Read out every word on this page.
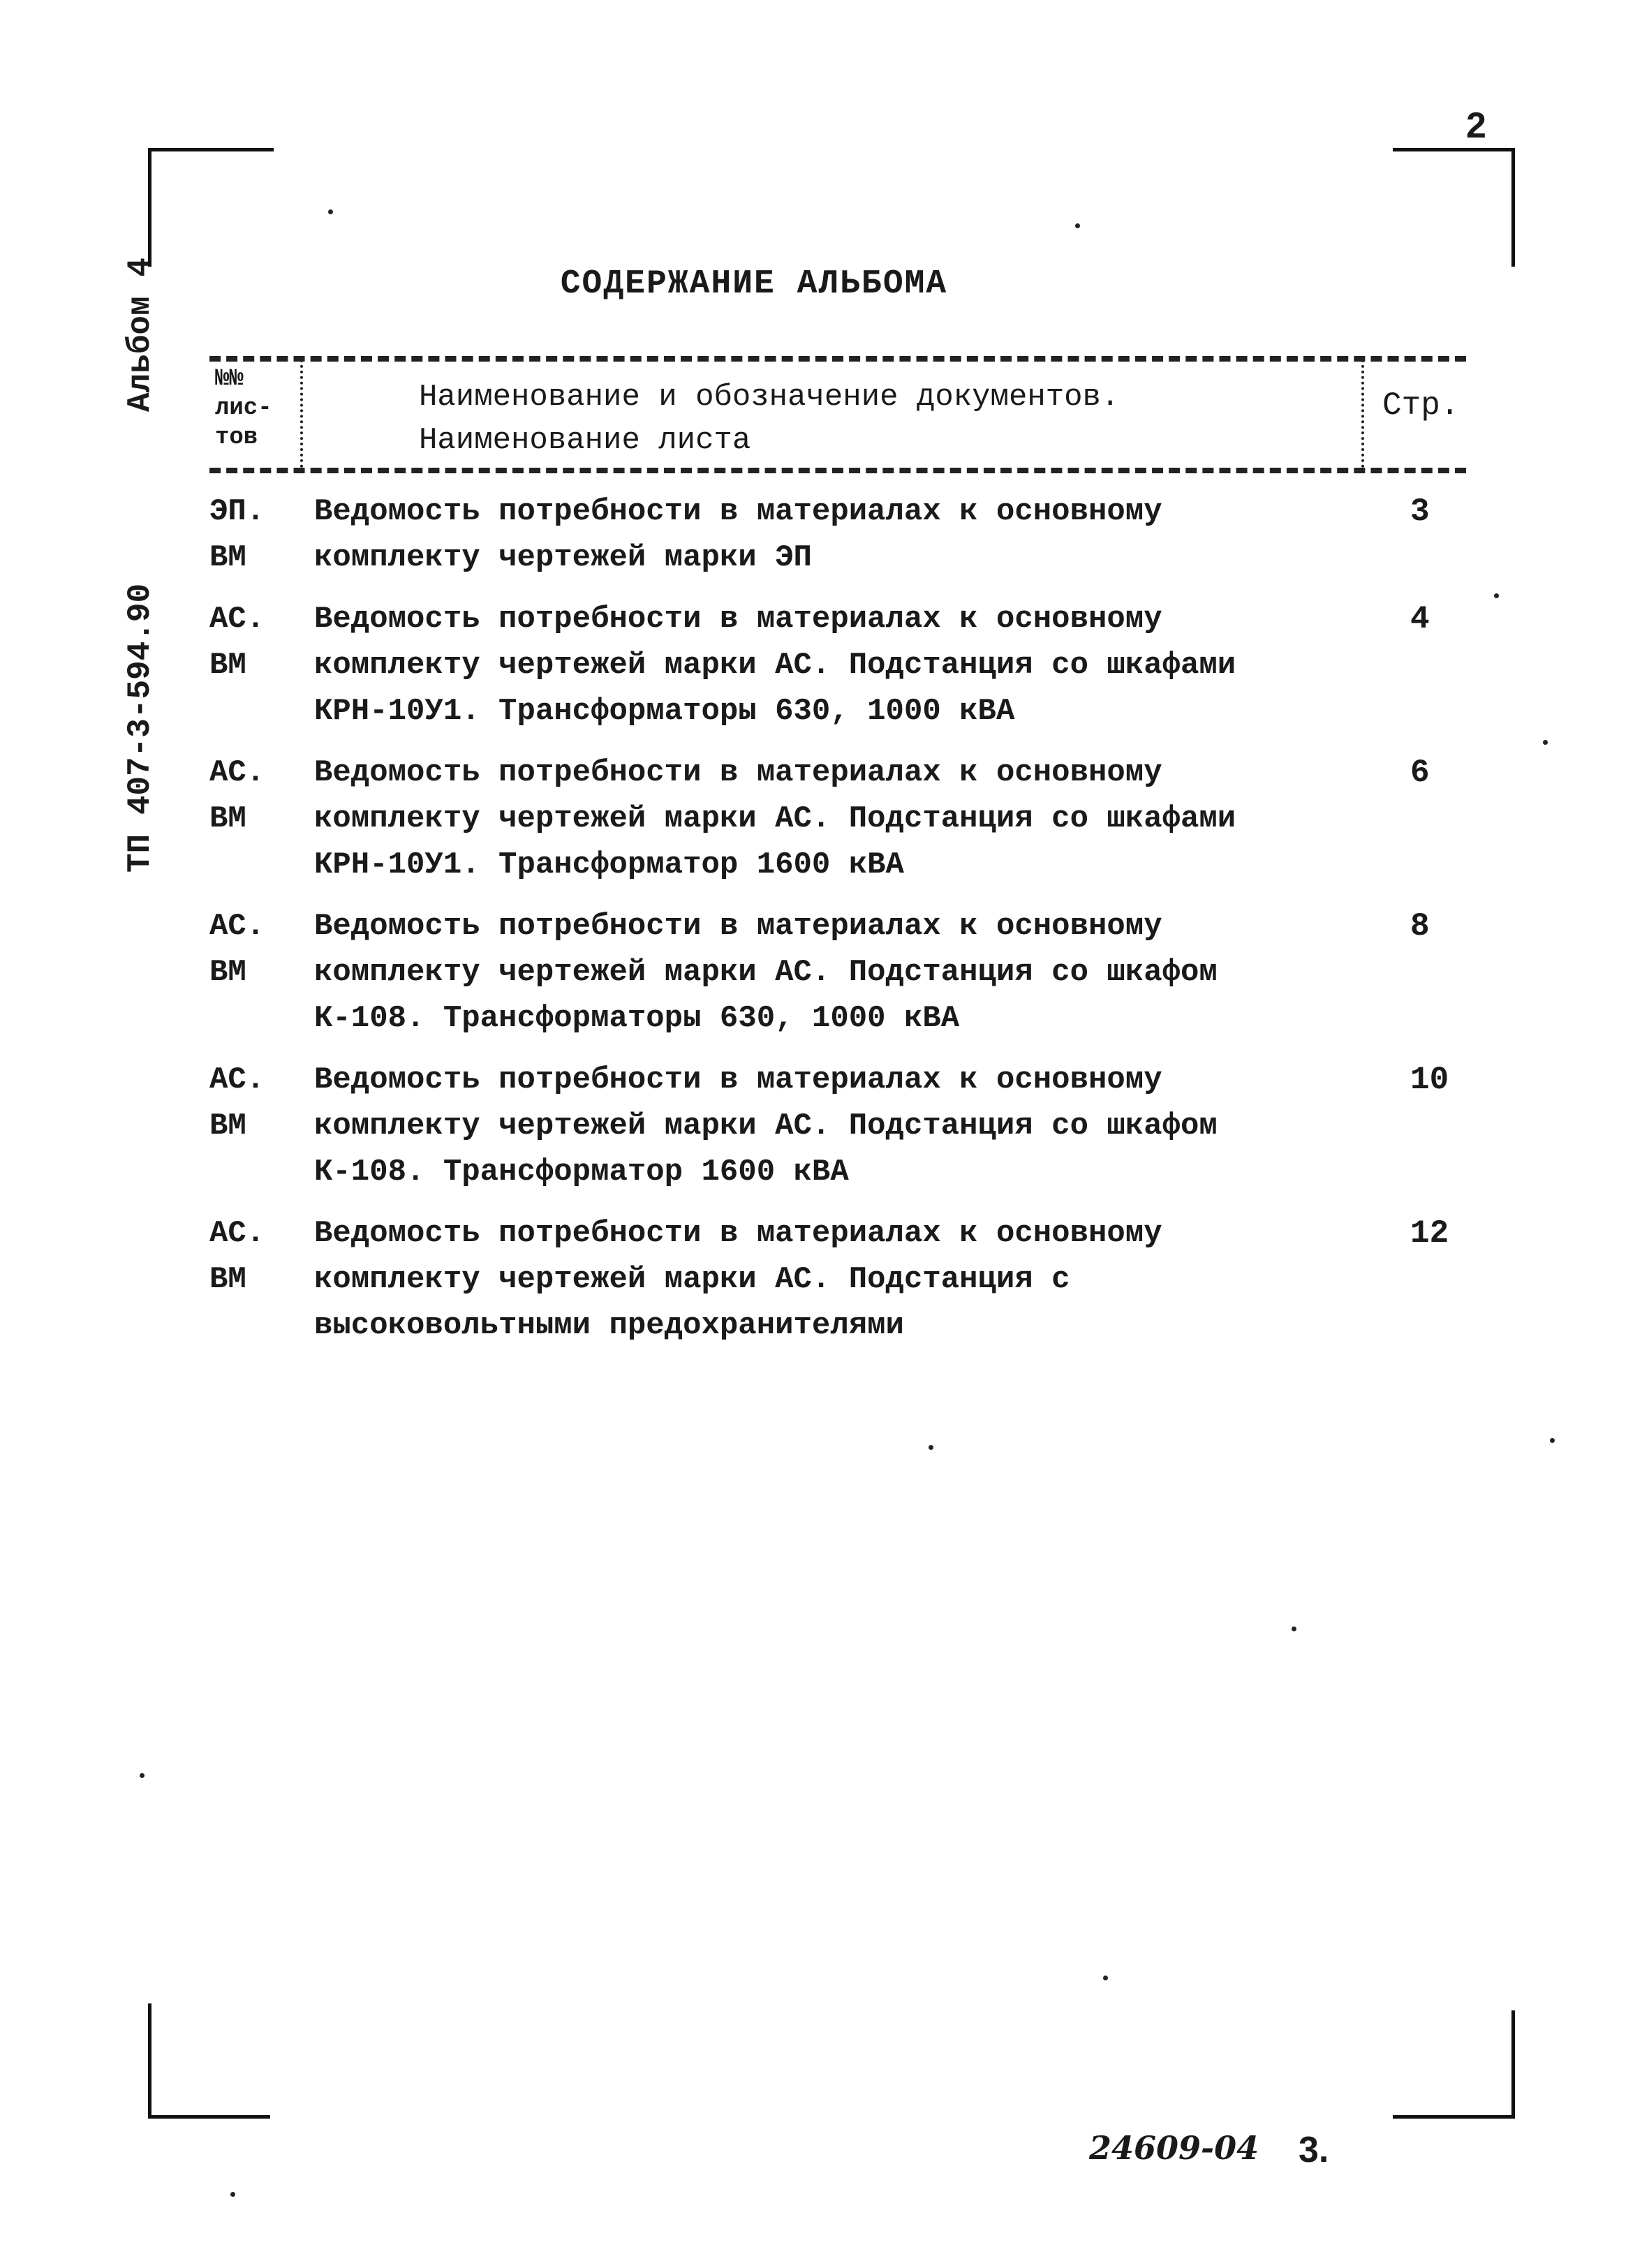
2
Альбом 4
ТП 407-3-594.90
СОДЕРЖАНИЕ АЛЬБОМА
№№
лис-
тов
Наименование и обозначение документов.
Наименование листа
Стр.
ЭП.
ВМ
Ведомость потребности в материалах к основному комплекту чертежей марки ЭП
3
АС.
ВМ
Ведомость потребности в материалах к основному комплекту чертежей марки АС. Подстанция со шкафами КРН-10У1. Трансформаторы 630, 1000 кВА
4
АС.
ВМ
Ведомость потребности в материалах к основному комплекту чертежей марки АС. Подстанция со шкафами КРН-10У1. Трансформатор 1600 кВА
6
АС.
ВМ
Ведомость потребности в материалах к основному комплекту чертежей марки АС. Подстанция со шкафом К-108. Трансформаторы 630, 1000 кВА
8
АС.
ВМ
Ведомость потребности в материалах к основному комплекту чертежей марки АС. Подстанция со шкафом К-108. Трансформатор 1600 кВА
10
АС.
ВМ
Ведомость потребности в материалах к основному комплекту чертежей марки АС. Подстанция с высоковольтными предохранителями
12
24609-04 3.
